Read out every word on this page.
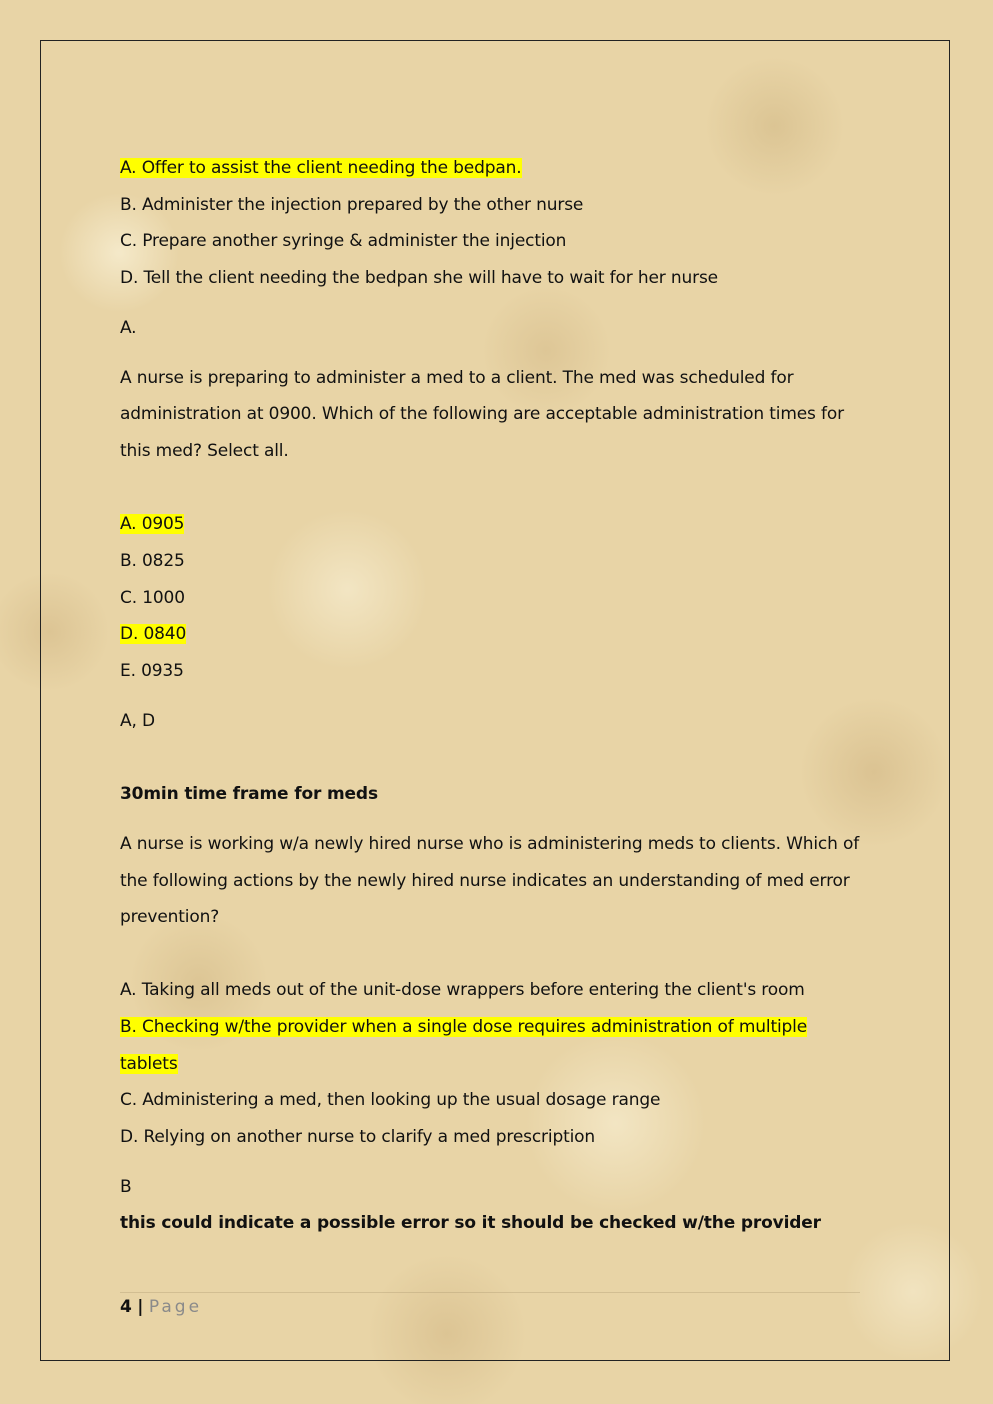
A. Offer to assist the client needing the bedpan.

B. Administer the injection prepared by the other nurse

C. Prepare another syringe & administer the injection

D. Tell the client needing the bedpan she will have to wait for her nurse

A.

A nurse is preparing to administer a med to a client. The med was scheduled for

administration at 0900. Which of the following are acceptable administration times for

this med? Select all.

A. 0905

B. 0825

C. 1000

D. 0840

E. 0935

A, D

30min time frame for meds

A nurse is working w/a newly hired nurse who is administering meds to clients. Which of

the following actions by the newly hired nurse indicates an understanding of med error

prevention?

A. Taking all meds out of the unit-dose wrappers before entering the client's room

B. Checking w/the provider when a single dose requires administration of multiple

tablets

C. Administering a med, then looking up the usual dosage range

D. Relying on another nurse to clarify a med prescription

B

this could indicate a possible error so it should be checked w/the provider

4 | Page
